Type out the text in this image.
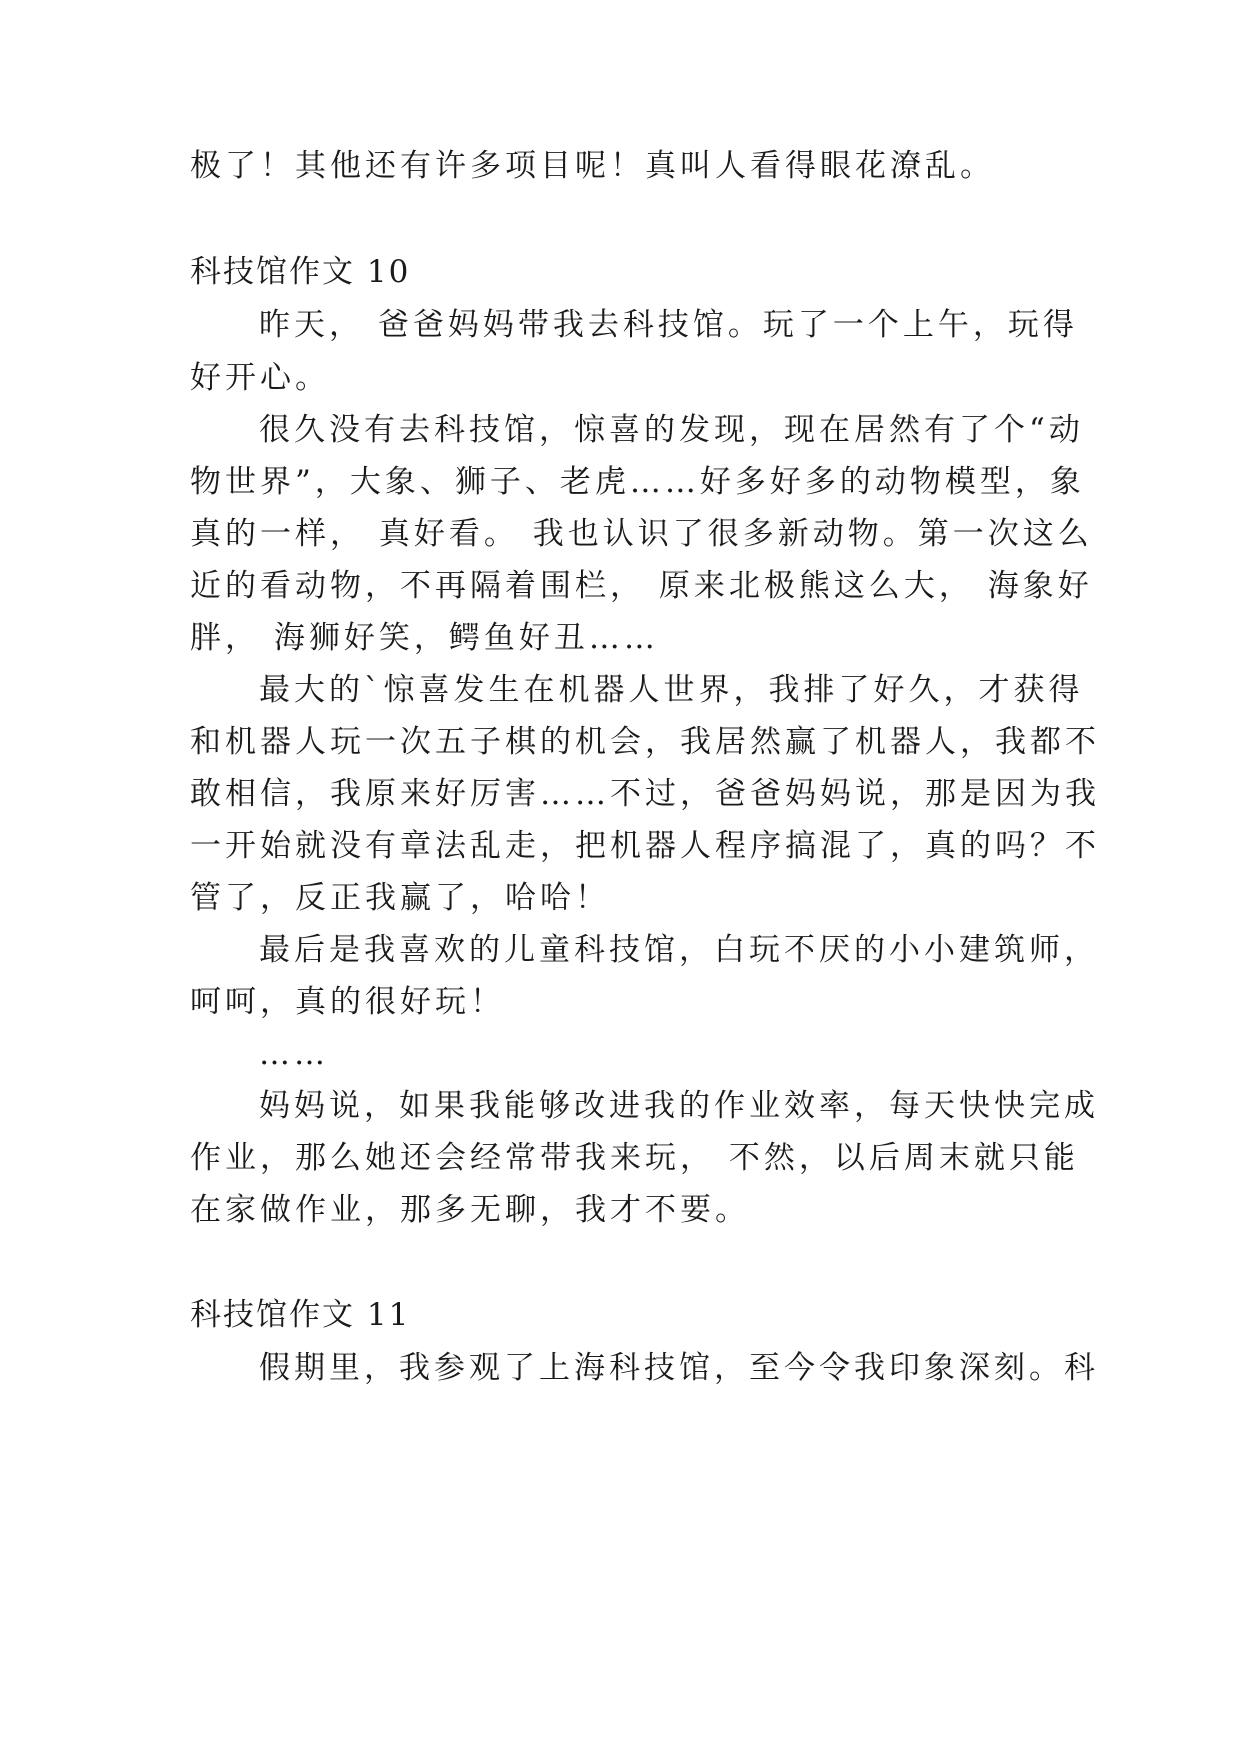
极了！其他还有许多项目呢！真叫人看得眼花潦乱。
科技馆作文 10
昨天， 爸爸妈妈带我去科技馆。玩了一个上午，玩得
好开心。
很久没有去科技馆，惊喜的发现，现在居然有了个“动
物世界”，大象、狮子、老虎……好多好多的动物模型，象
真的一样， 真好看。 我也认识了很多新动物。第一次这么
近的看动物，不再隔着围栏， 原来北极熊这么大， 海象好
胖， 海狮好笑，鳄鱼好丑……
最大的`惊喜发生在机器人世界，我排了好久，才获得
和机器人玩一次五子棋的机会，我居然赢了机器人，我都不
敢相信，我原来好厉害……不过，爸爸妈妈说，那是因为我
一开始就没有章法乱走，把机器人程序搞混了，真的吗？不
管了，反正我赢了，哈哈！
最后是我喜欢的儿童科技馆，白玩不厌的小小建筑师，
呵呵，真的很好玩！
……
妈妈说，如果我能够改进我的作业效率，每天快快完成
作业，那么她还会经常带我来玩， 不然，以后周末就只能
在家做作业，那多无聊，我才不要。
科技馆作文 11
假期里，我参观了上海科技馆，至今令我印象深刻。科
